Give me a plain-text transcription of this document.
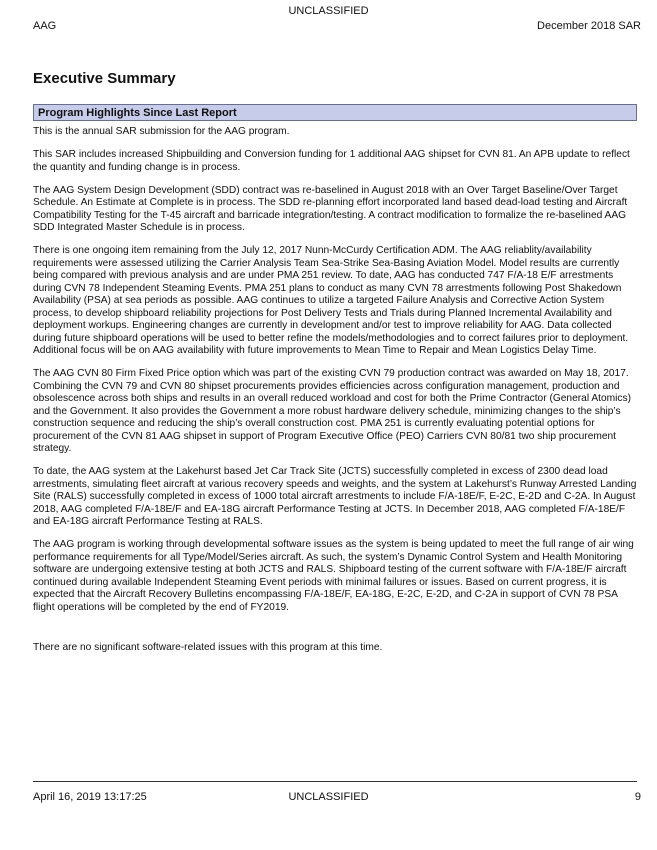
UNCLASSIFIED
AAG	December 2018 SAR
Executive Summary
Program Highlights Since Last Report

This is the annual SAR submission for the AAG program.

This SAR includes increased Shipbuilding and Conversion funding for 1 additional AAG shipset for CVN 81. An APB update to reflect the quantity and funding change is in process.

The AAG System Design Development (SDD) contract was re-baselined in August 2018 with an Over Target Baseline/Over Target Schedule. An Estimate at Complete is in process. The SDD re-planning effort incorporated land based dead-load testing and Aircraft Compatibility Testing for the T-45 aircraft and barricade integration/testing. A contract modification to formalize the re-baselined AAG SDD Integrated Master Schedule is in process.

There is one ongoing item remaining from the July 12, 2017 Nunn-McCurdy Certification ADM. The AAG reliablity/availability requirements were assessed utilizing the Carrier Analysis Team Sea-Strike Sea-Basing Aviation Model. Model results are currently being compared with previous analysis and are under PMA 251 review. To date, AAG has conducted 747 F/A-18 E/F arrestments during CVN 78 Independent Steaming Events. PMA 251 plans to conduct as many CVN 78 arrestments following Post Shakedown Availability (PSA) at sea periods as possible. AAG continues to utilize a targeted Failure Analysis and Corrective Action System process, to develop shipboard reliability projections for Post Delivery Tests and Trials during Planned Incremental Availability and deployment workups. Engineering changes are currently in development and/or test to improve reliability for AAG. Data collected during future shipboard operations will be used to better refine the models/methodologies and to correct failures prior to deployment. Additional focus will be on AAG availability with future improvements to Mean Time to Repair and Mean Logistics Delay Time.

The AAG CVN 80 Firm Fixed Price option which was part of the existing CVN 79 production contract was awarded on May 18, 2017. Combining the CVN 79 and CVN 80 shipset procurements provides efficiencies across configuration management, production and obsolescence across both ships and results in an overall reduced workload and cost for both the Prime Contractor (General Atomics) and the Government. It also provides the Government a more robust hardware delivery schedule, minimizing changes to the ship’s construction sequence and reducing the ship’s overall construction cost. PMA 251 is currently evaluating potential options for procurement of the CVN 81 AAG shipset in support of Program Executive Office (PEO) Carriers CVN 80/81 two ship procurement strategy.

To date, the AAG system at the Lakehurst based Jet Car Track Site (JCTS) successfully completed in excess of 2300 dead load arrestments, simulating fleet aircraft at various recovery speeds and weights, and the system at Lakehurst’s Runway Arrested Landing Site (RALS) successfully completed in excess of 1000 total aircraft arrestments to include F/A-18E/F, E-2C, E-2D and C-2A. In August 2018, AAG completed F/A-18E/F and EA-18G aircraft Performance Testing at JCTS. In December 2018, AAG completed F/A-18E/F and EA-18G aircraft Performance Testing at RALS.

The AAG program is working through developmental software issues as the system is being updated to meet the full range of air wing performance requirements for all Type/Model/Series aircraft. As such, the system’s Dynamic Control System and Health Monitoring software are undergoing extensive testing at both JCTS and RALS. Shipboard testing of the current software with F/A-18E/F aircraft continued during available Independent Steaming Event periods with minimal failures or issues. Based on current progress, it is expected that the Aircraft Recovery Bulletins encompassing F/A-18E/F, EA-18G, E-2C, E-2D, and C-2A in support of CVN 78 PSA flight operations will be completed by the end of FY2019.

There are no significant software-related issues with this program at this time.

April 16, 2019 13:17:25	UNCLASSIFIED	9
